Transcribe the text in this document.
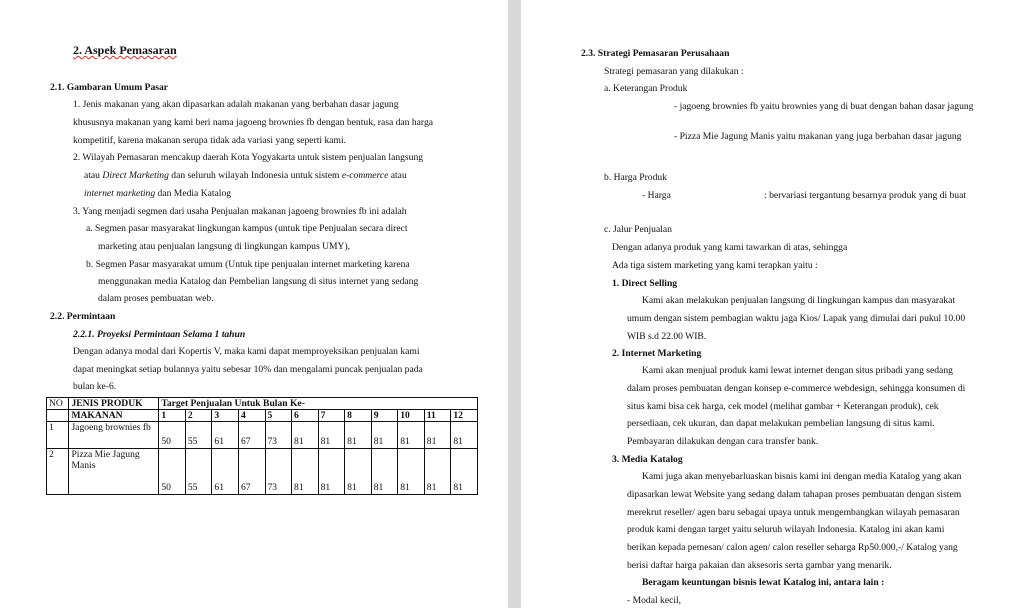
2. Aspek Pemasaran
2.1. Gambaran Umum Pasar
1. Jenis makanan yang akan dipasarkan adalah makanan yang berbahan dasar jagung
khususnya makanan yang kami beri nama jagoeng brownies fb dengan bentuk, rasa dan harga
kompetitif, karena makanan serupa tidak ada variasi yang seperti kami.
2. Wilayah Pemasaran mencakup daerah Kota Yogyakarta untuk sistem penjualan langsung
atau Direct Marketing dan seluruh wilayah Indonesia untuk sistem e-commerce atau
internet marketing dan Media Katalog
3. Yang menjadi segmen dari usaha Penjualan makanan jagoeng brownies fb ini adalah
a. Segmen pasar masyarakat lingkungan kampus (untuk tipe Penjualan secara direct
marketing atau penjualan langsung di lingkungan kampus UMY),
b. Segmen Pasar masyarakat umum (Untuk tipe penjualan internet marketing karena
menggunakan media Katalog dan Pembelian langsung di situs internet yang sedang
dalam proses pembuatan web.
2.2. Permintaan
2.2.1. Proyeksi Permintaan Selama 1 tahun
Dengan adanya modal dari Kopertis V, maka kami dapat memproyeksikan penjualan kami
dapat meningkat setiap bulannya yaitu sebesar 10% dan mengalami puncak penjualan pada
bulan ke-6.
NO	JENIS PRODUK	Target Penjualan Untuk Bulan Ke-											
	MAKANAN	1	2	3	4	5	6	7	8	9	10	11	12
1	Jagoeng brownies fb	50	55	61	67	73	81	81	81	81	81	81	81
2	Pizza Mie Jagung Manis	50	55	61	67	73	81	81	81	81	81	81	81
2.3. Strategi Pemasaran Perusahaan
Strategi pemasaran yang dilakukan :
a. Keterangan Produk
- jagoeng brownies fb yaitu brownies yang di buat dengan bahan dasar jagung
- Pizza Mie Jagung Manis yaitu makanan yang juga berbahan dasar jagung
b. Harga Produk
- Harga	: bervariasi tergantung besarnya produk yang di buat
c. Jalur Penjualan
Dengan adanya produk yang kami tawarkan di atas, sehingga
Ada tiga sistem marketing yang kami terapkan yaitu :
1. Direct Selling
Kami akan melakukan penjualan langsung di lingkungan kampus dan masyarakat
umum dengan sistem pembagian waktu jaga Kios/ Lapak yang dimulai dari pukul 10.00
WIB s.d 22.00 WIB.
2. Internet Marketing
Kami akan menjual produk kami lewat internet dengan situs pribadi yang sedang
dalam proses pembuatan dengan konsep e-commerce webdesign, sehingga konsumen di
situs kami bisa cek harga, cek model (melihat gambar + Keterangan produk), cek
persediaan, cek ukuran, dan dapat melakukan pembelian langsung di situs kami.
Pembayaran dilakukan dengan cara transfer bank.
3. Media Katalog
Kami juga akan menyebarluaskan bisnis kami ini dengan media Katalog yang akan
dipasarkan lewat Website yang sedang dalam tahapan proses pembuatan dengan sistem
merekrut reseller/ agen baru sebagai upaya untuk mengembangkan wilayah pemasaran
produk kami dengan target yaitu seluruh wilayah Indonesia. Katalog ini akan kami
berikan kepada pemesan/ calon agen/ calon reseller seharga Rp50.000,-/ Katalog yang
berisi daftar harga pakaian dan aksesoris serta gambar yang menarik.
Beragam keuntungan bisnis lewat Katalog ini, antara lain :
- Modal kecil,
